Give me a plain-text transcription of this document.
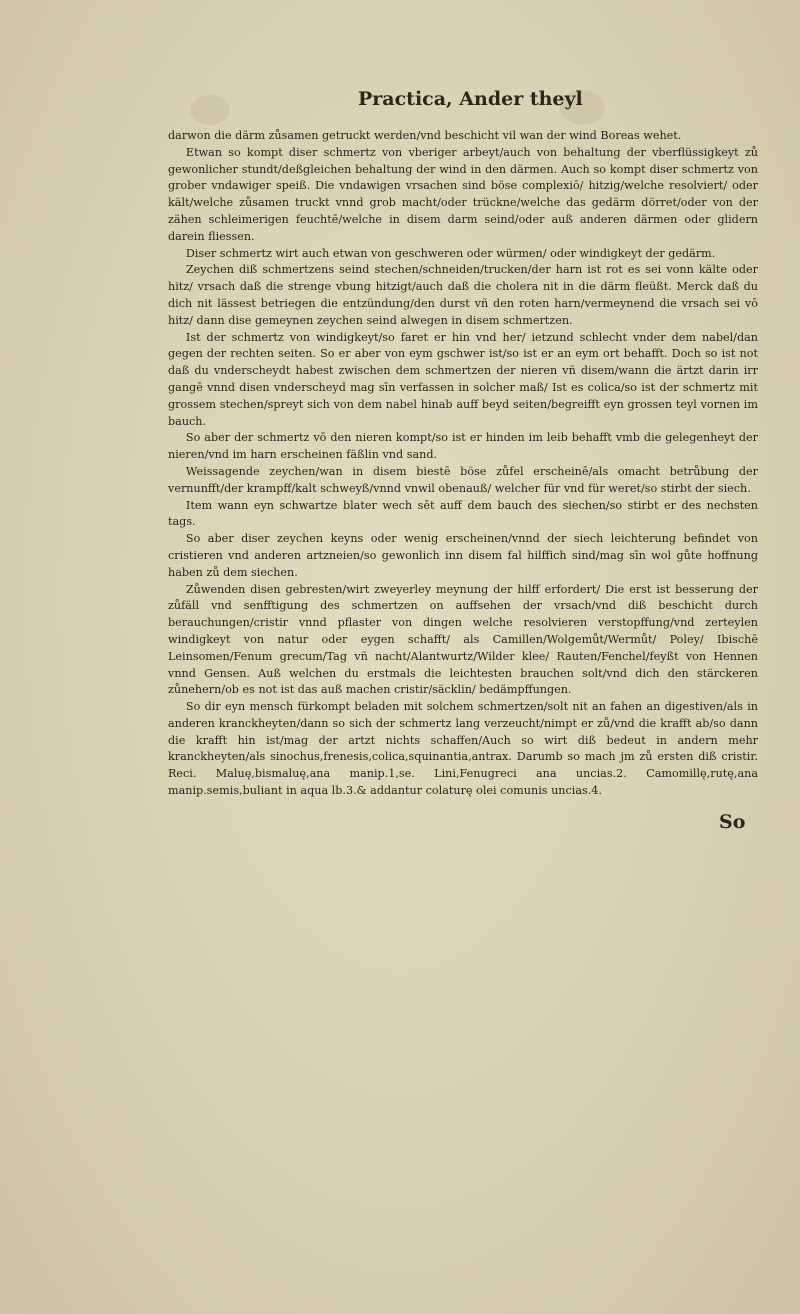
Practica, Ander theyl

darwon die därm zůsamen getruckt werden/vnd beschicht vil wan der wind Boreas wehet.

Etwan so kompt diser schmertz von vberiger arbeyt/auch von behaltung der vberflüssigkeyt zů gewonlicher stundt/deßgleichen behaltung der wind in den därmen. Auch so kompt diser schmertz von grober vndawiger speiß. Die vndawigen vrsachen sind böse complexiō/ hitzig/welche resolviert/ oder kält/welche zůsamen truckt vnnd grob macht/oder trückne/welche das gedärm dörret/oder von der zähen schleimerigen feuchtē/welche in disem darm seind/oder auß anderen därmen oder glidern darein fliessen.

Diser schmertz wirt auch etwan von geschweren oder würmen/ oder windigkeyt der gedärm.

Zeychen diß schmertzens seind stechen/schneiden/trucken/der harn ist rot es sei vonn kälte oder hitz/ vrsach daß die strenge vbung hitzigt/auch daß die cholera nit in die därm fleüßt. Merck daß du dich nit lässest betriegen die entzündung/den durst vñ den roten harn/vermeynend die vrsach sei vō hitz/ dann dise gemeynen zeychen seind alwegen in disem schmertzen.

Ist der schmertz von windigkeyt/so faret er hin vnd her/ ietzund schlecht vnder dem nabel/dan gegen der rechten seiten. So er aber von eym gschwer ist/so ist er an eym ort behafft. Doch so ist not daß du vnderscheydt habest zwischen dem schmertzen der nieren vñ disem/wann die ärtzt darin irr gangē vnnd disen vnderscheyd mag sīn verfassen in solcher maß/ Ist es colica/so ist der schmertz mit grossem stechen/spreyt sich von dem nabel hinab auff beyd seiten/begreifft eyn grossen teyl vornen im bauch.

So aber der schmertz vō den nieren kompt/so ist er hinden im leib behafft vmb die gelegenheyt der nieren/vnd im harn erscheinen fäßlin vnd sand.

Weissagende zeychen/wan in disem biestē böse zůfel erscheinē/als omacht betrůbung der vernunfft/der krampff/kalt schweyß/vnnd vnwil obenauß/ welcher für vnd für weret/so stirbt der siech.

Item wann eyn schwartze blater wech sēt auff dem bauch des siechen/so stirbt er des nechsten tags.

So aber diser zeychen keyns oder wenig erscheinen/vnnd der siech leichterung befindet von cristieren vnd anderen artzneien/so gewonlich inn disem fal hilffich sind/mag sīn wol gůte hoffnung haben zů dem siechen.

Zůwenden disen gebresten/wirt zweyerley meynung der hilff erfordert/ Die erst ist besserung der zůfäll vnd senfftigung des schmertzen on auffsehen der vrsach/vnd diß beschicht durch berauchungen/cristir vnnd pflaster von dingen welche resolvieren verstopffung/vnd zerteylen windigkeyt von natur oder eygen schafft/ als Camillen/Wolgemůt/Wermůt/ Poley/ Ibischē Leinsomen/Fenum grecum/Tag vñ nacht/Alantwurtz/Wilder klee/ Rauten/Fenchel/feyßt von Hennen vnnd Gensen. Auß welchen du erstmals die leichtesten brauchen solt/vnd dich den stärckeren zůnehern/ob es not ist das auß machen cristir/säcklin/ bedämpffungen.

So dir eyn mensch fürkompt beladen mit solchem schmertzen/solt nit an fahen an digestiven/als in anderen kranckheyten/dann so sich der schmertz lang verzeucht/nimpt er zů/vnd die krafft ab/so dann die krafft hin ist/mag der artzt nichts schaffen/Auch so wirt diß bedeut in andern mehr kranckheyten/als sinochus,frenesis,colica,squinantia,antrax. Darumb so mach jm zů ersten diß cristir. Reci. Maluę,bismaluę,ana manip.1,se. Lini,Fenugreci ana uncias.2. Camomillę,rutę,ana manip.semis,buliant in aqua lb.3.& addantur colaturę olei comunis uncias.4.

So
